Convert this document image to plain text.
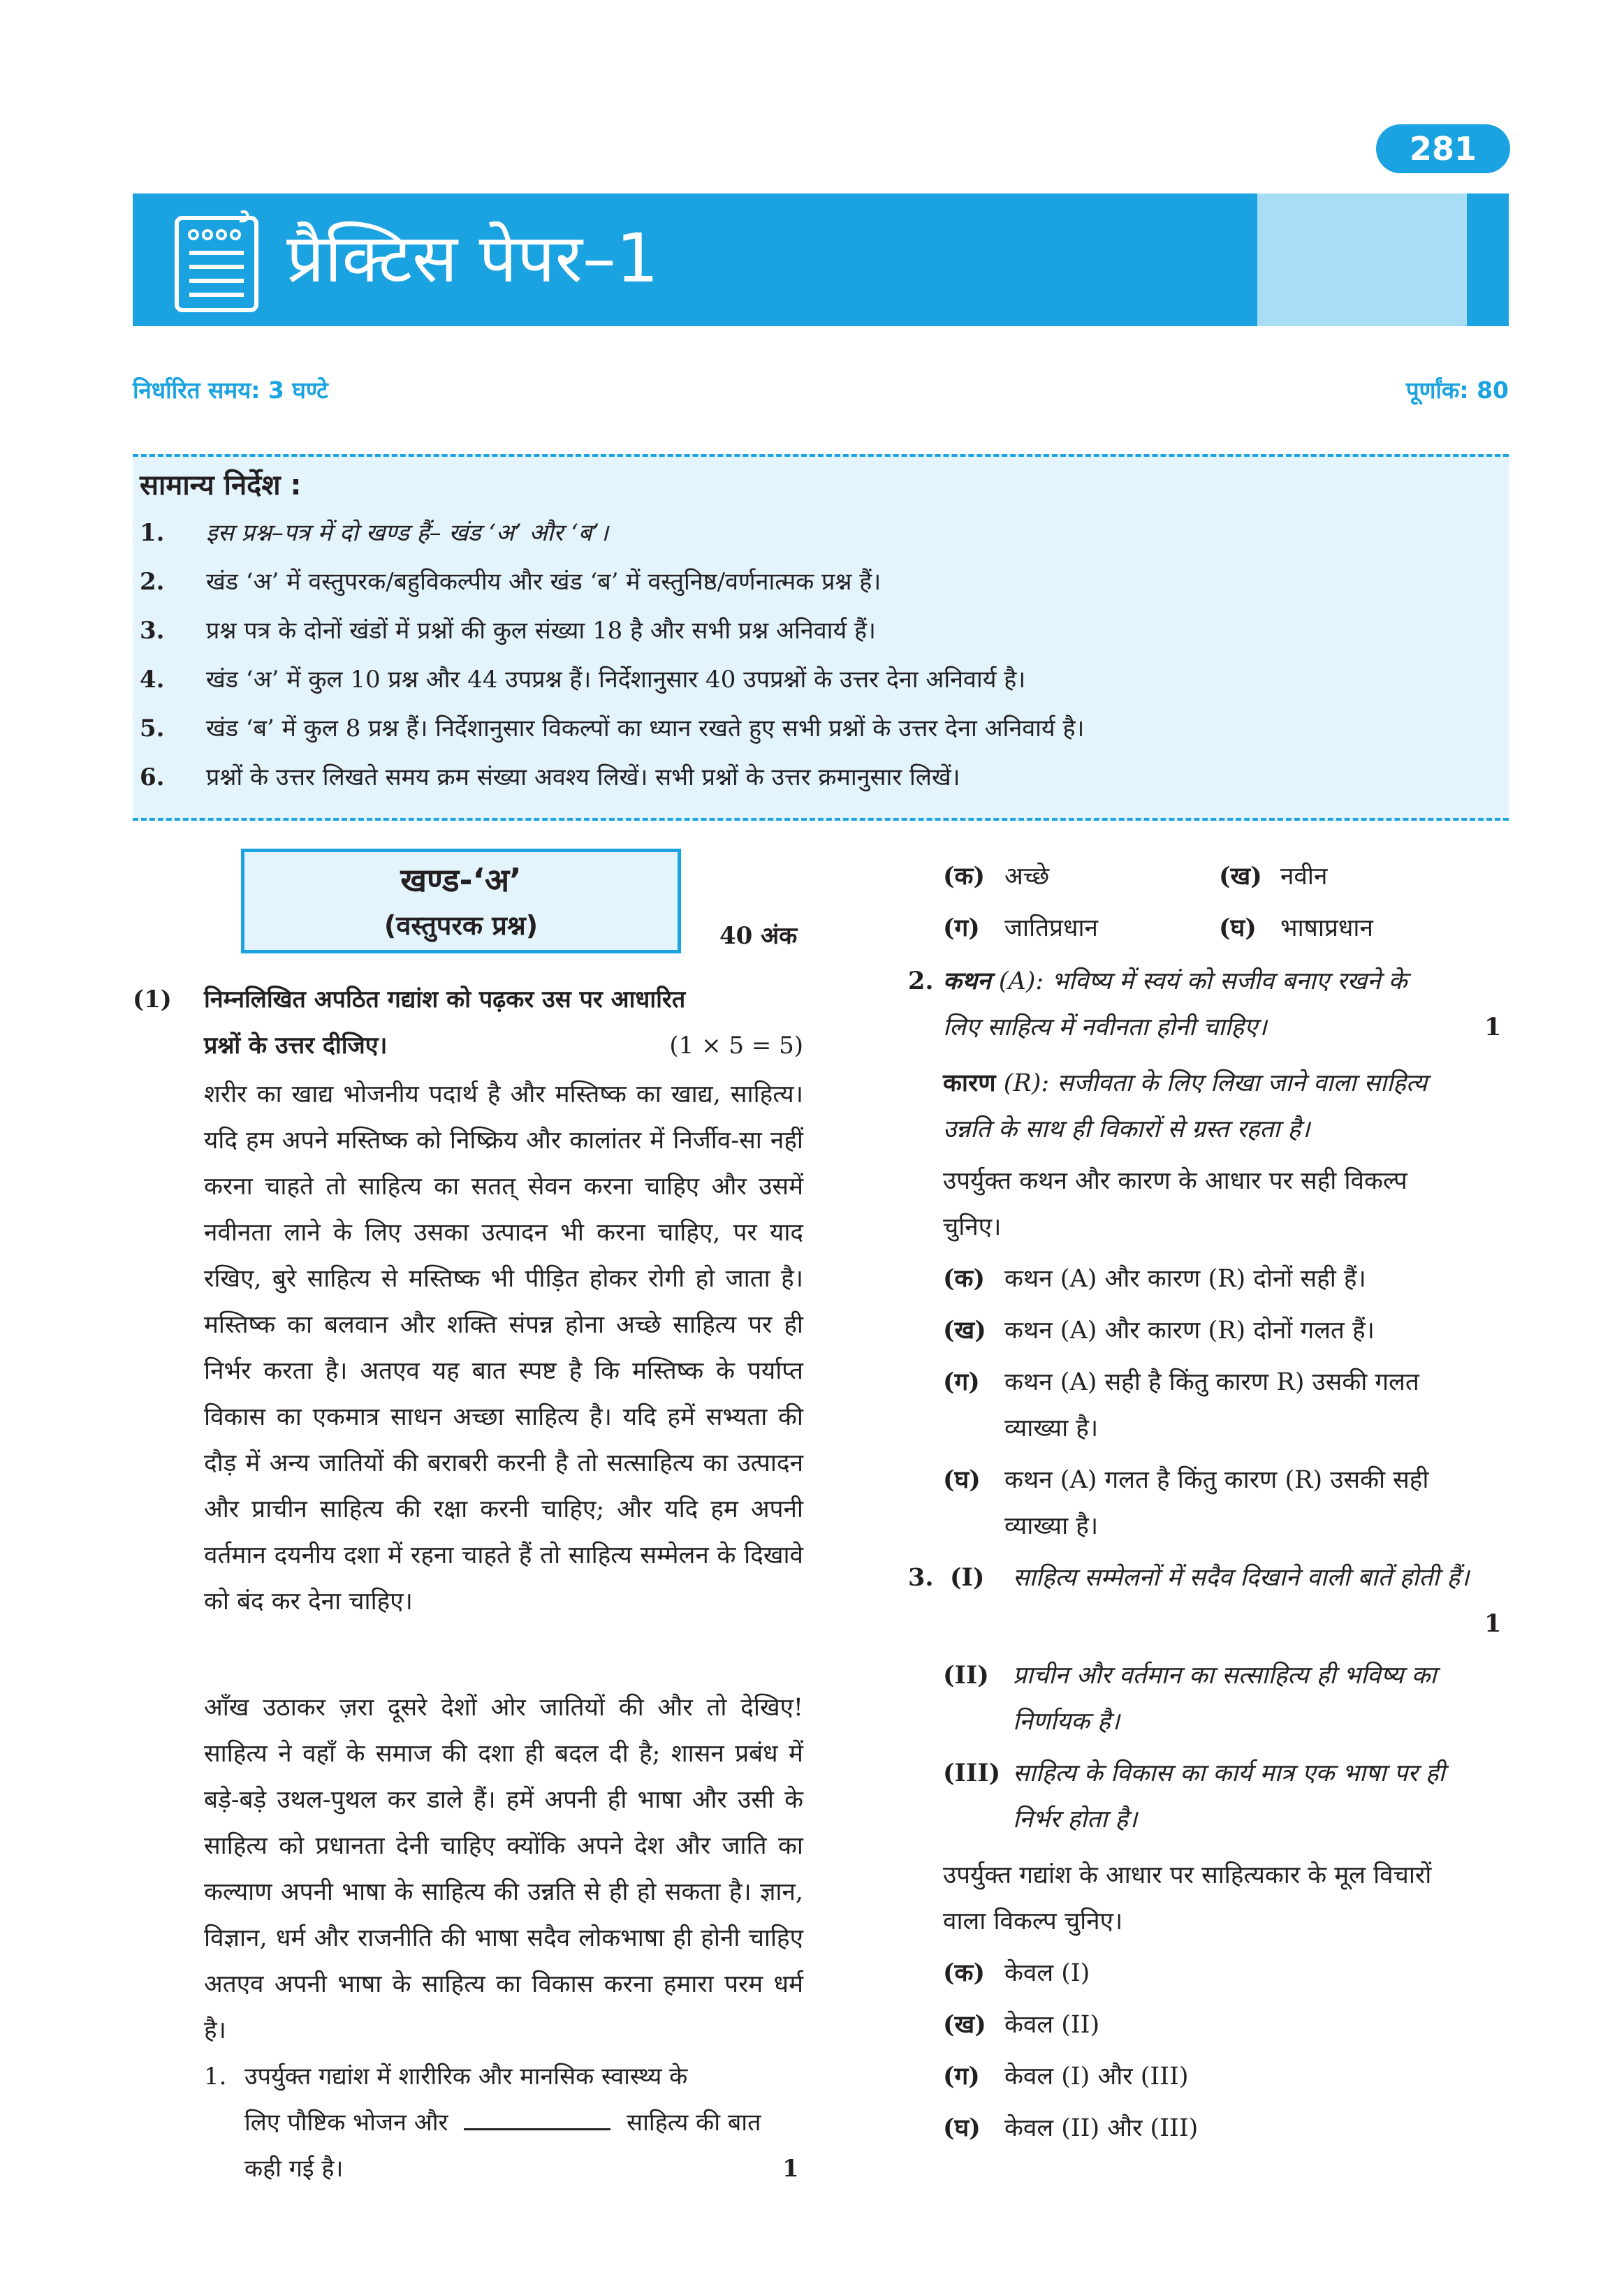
281
प्रैक्टिस पेपर–1
निर्धारित समय: 3 घण्टे	पूर्णांक: 80
सामान्य निर्देश :
1. इस प्रश्न–पत्र में दो खण्ड हैं– खंड ‘अ’ और ‘ब’।
2. खंड ‘अ’ में वस्तुपरक/बहुविकल्पीय और खंड ‘ब’ में वस्तुनिष्ठ/वर्णनात्मक प्रश्न हैं।
3. प्रश्न पत्र के दोनों खंडों में प्रश्नों की कुल संख्या 18 है और सभी प्रश्न अनिवार्य हैं।
4. खंड ‘अ’ में कुल 10 प्रश्न और 44 उपप्रश्न हैं। निर्देशानुसार 40 उपप्रश्नों के उत्तर देना अनिवार्य है।
5. खंड ‘ब’ में कुल 8 प्रश्न हैं। निर्देशानुसार विकल्पों का ध्यान रखते हुए सभी प्रश्नों के उत्तर देना अनिवार्य है।
6. प्रश्नों के उत्तर लिखते समय क्रम संख्या अवश्य लिखें। सभी प्रश्नों के उत्तर क्रमानुसार लिखें।
खण्ड-‘अ’
(वस्तुपरक प्रश्न)	40 अंक
(1) निम्नलिखित अपठित गद्यांश को पढ़कर उस पर आधारित
प्रश्नों के उत्तर दीजिए।	(1 × 5 = 5)

शरीर का खाद्य भोजनीय पदार्थ है और मस्तिष्क का खाद्य, साहित्य। यदि हम अपने मस्तिष्क को निष्क्रिय और कालांतर में निर्जीव-सा नहीं करना चाहते तो साहित्य का सतत् सेवन करना चाहिए और उसमें नवीनता लाने के लिए उसका उत्पादन भी करना चाहिए, पर याद रखिए, बुरे साहित्य से मस्तिष्क भी पीड़ित होकर रोगी हो जाता है। मस्तिष्क का बलवान और शक्ति संपन्न होना अच्छे साहित्य पर ही निर्भर करता है। अतएव यह बात स्पष्ट है कि मस्तिष्क के पर्याप्त विकास का एकमात्र साधन अच्छा साहित्य है। यदि हमें सभ्यता की दौड़ में अन्य जातियों की बराबरी करनी है तो सत्साहित्य का उत्पादन और प्राचीन साहित्य की रक्षा करनी चाहिए; और यदि हम अपनी वर्तमान दयनीय दशा में रहना चाहते हैं तो साहित्य सम्मेलन के दिखावे को बंद कर देना चाहिए।

आँख उठाकर ज़रा दूसरे देशों ओर जातियों की और तो देखिए! साहित्य ने वहाँ के समाज की दशा ही बदल दी है; शासन प्रबंध में बड़े-बड़े उथल-पुथल कर डाले हैं। हमें अपनी ही भाषा और उसी के साहित्य को प्रधानता देनी चाहिए क्योंकि अपने देश और जाति का कल्याण अपनी भाषा के साहित्य की उन्नति से ही हो सकता है। ज्ञान, विज्ञान, धर्म और राजनीति की भाषा सदैव लोकभाषा ही होनी चाहिए अतएव अपनी भाषा के साहित्य का विकास करना हमारा परम धर्म है।

1. उपर्युक्त गद्यांश में शारीरिक और मानसिक स्वास्थ्य के
लिए पौष्टिक भोजन और	साहित्य की बात
कही गई है।	1
(क) अच्छे	(ख) नवीन
(ग) जातिप्रधान	(घ) भाषाप्रधान
2. कथन (A): भविष्य में स्वयं को सजीव बनाए रखने के
लिए साहित्य में नवीनता होनी चाहिए।	1
कारण (R): सजीवता के लिए लिखा जाने वाला साहित्य
उन्नति के साथ ही विकारों से ग्रस्त रहता है।
उपर्युक्त कथन और कारण के आधार पर सही विकल्प
चुनिए।
(क) कथन (A) और कारण (R) दोनों सही हैं।
(ख) कथन (A) और कारण (R) दोनों गलत हैं।
(ग) कथन (A) सही है किंतु कारण R) उसकी गलत
व्याख्या है।
(घ) कथन (A) गलत है किंतु कारण (R) उसकी सही
व्याख्या है।
3. (I) साहित्य सम्मेलनों में सदैव दिखाने वाली बातें होती हैं।
1
(II) प्राचीन और वर्तमान का सत्साहित्य ही भविष्य का
निर्णायक है।
(III) साहित्य के विकास का कार्य मात्र एक भाषा पर ही
निर्भर होता है।
उपर्युक्त गद्यांश के आधार पर साहित्यकार के मूल विचारों
वाला विकल्प चुनिए।
(क) केवल (I)
(ख) केवल (II)
(ग) केवल (I) और (III)
(घ) केवल (II) और (III)
